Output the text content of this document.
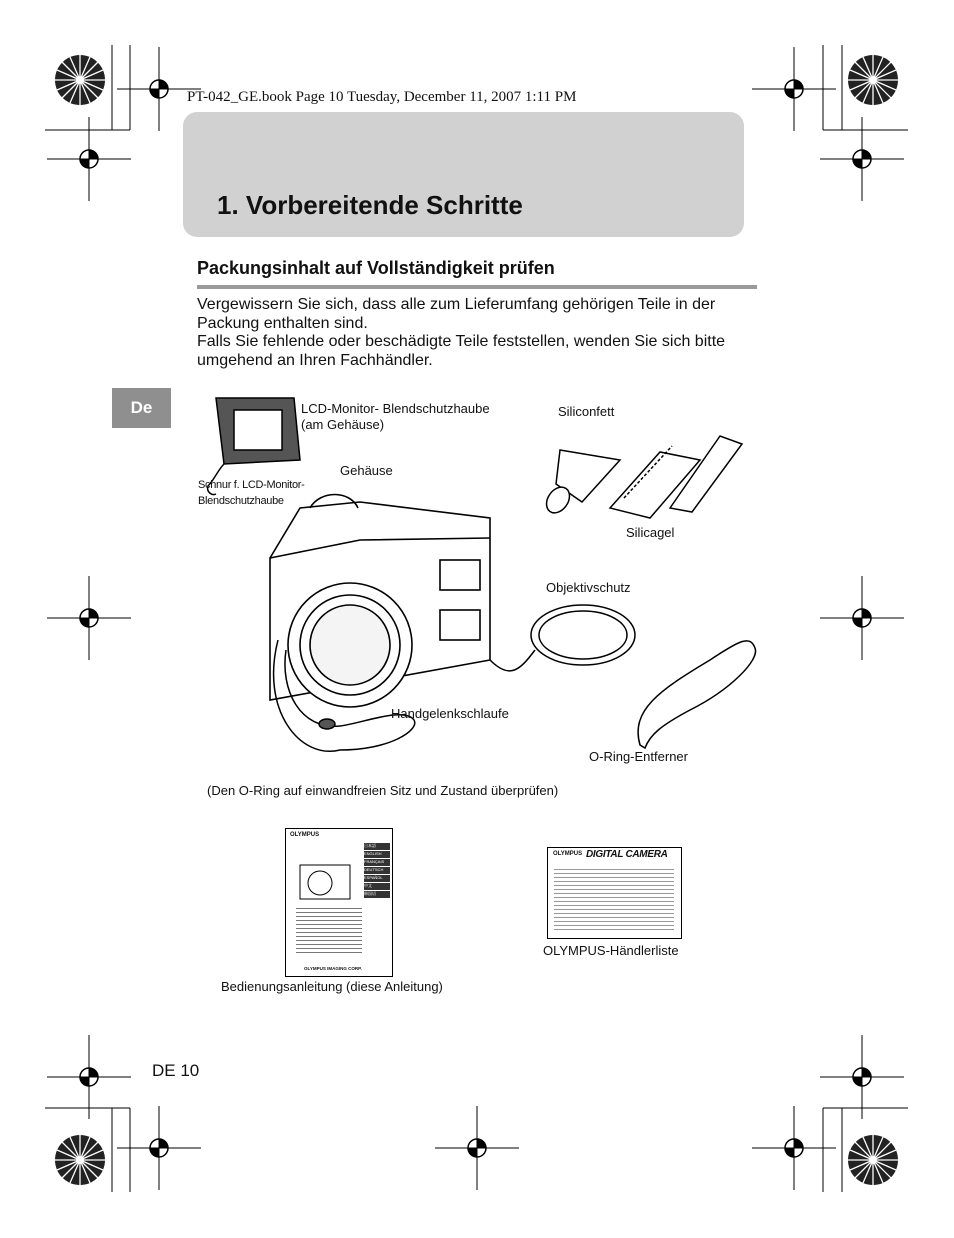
PT-042_GE.book Page 10 Tuesday, December 11, 2007 1:11 PM
1. Vorbereitende Schritte
Packungsinhalt auf Vollständigkeit prüfen
Vergewissern Sie sich, dass alle zum Lieferumfang gehörigen Teile in der Packung enthalten sind.
Falls Sie fehlende oder beschädigte Teile feststellen, wenden Sie sich bitte umgehend an Ihren Fachhändler.
De	LCD-Monitor- Blendschutzhaube
(am Gehäuse)
Siliconfett
Schnur f. LCD-Monitor-
Blendschutzhaube
Gehäuse
Silicagel
Objektivschutz
Handgelenkschlaufe
O-Ring-Entferner
(Den O-Ring auf einwandfreien Sitz und Zustand überprüfen)
OLYMPUS
日本語
ENGLISH
FRANÇAIS
DEUTSCH
ESPAÑOL
中文
韩国语
OLYMPUS IMAGING CORP.
Bedienungsanleitung (diese Anleitung)
OLYMPUS DIGITAL CAMERA
OLYMPUS-Händlerliste
DE 10
